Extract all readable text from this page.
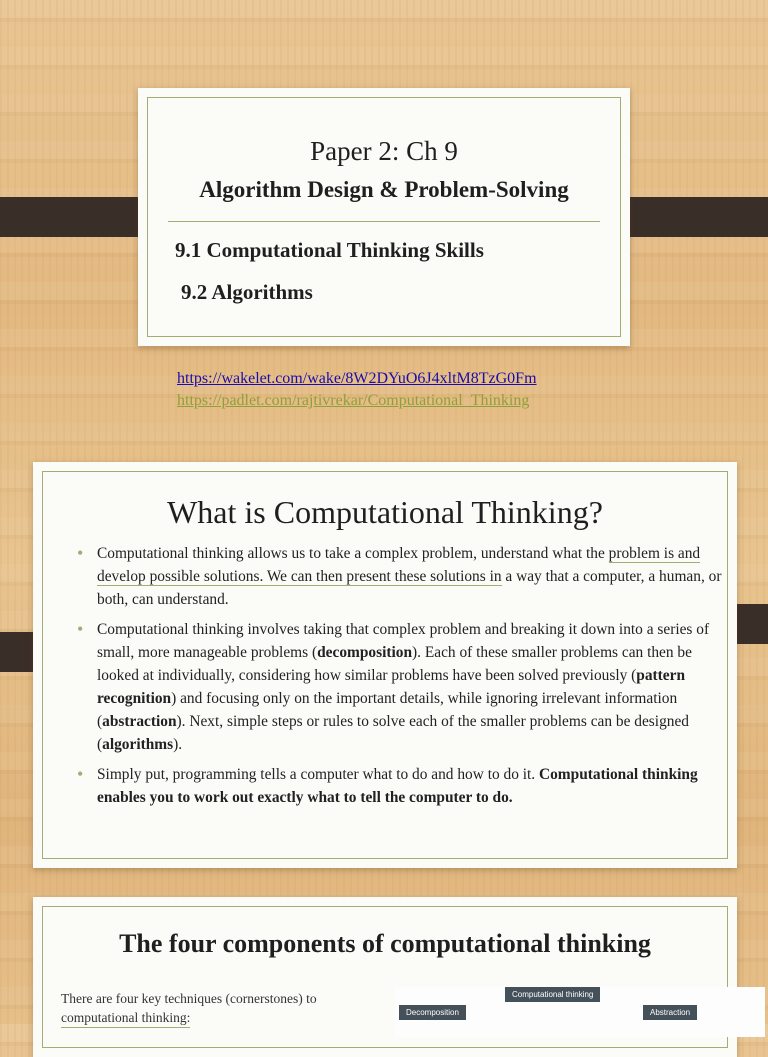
Paper 2: Ch 9
Algorithm Design & Problem-Solving
9.1 Computational Thinking Skills
9.2 Algorithms
https://wakelet.com/wake/8W2DYuO6J4xltM8TzG0Fm
https://padlet.com/rajtivrekar/Computational_Thinking
What is Computational Thinking?
• Computational thinking allows us to take a complex problem, understand what the problem is and develop possible solutions. We can then present these solutions in a way that a computer, a human, or both, can understand.
• Computational thinking involves taking that complex problem and breaking it down into a series of small, more manageable problems (decomposition). Each of these smaller problems can then be looked at individually, considering how similar problems have been solved previously (pattern recognition) and focusing only on the important details, while ignoring irrelevant information (abstraction). Next, simple steps or rules to solve each of the smaller problems can be designed (algorithms).
• Simply put, programming tells a computer what to do and how to do it. Computational thinking enables you to work out exactly what to tell the computer to do.
The four components of computational thinking
There are four key techniques (cornerstones) to
computational thinking:
Computational thinking
Decomposition	Abstraction
